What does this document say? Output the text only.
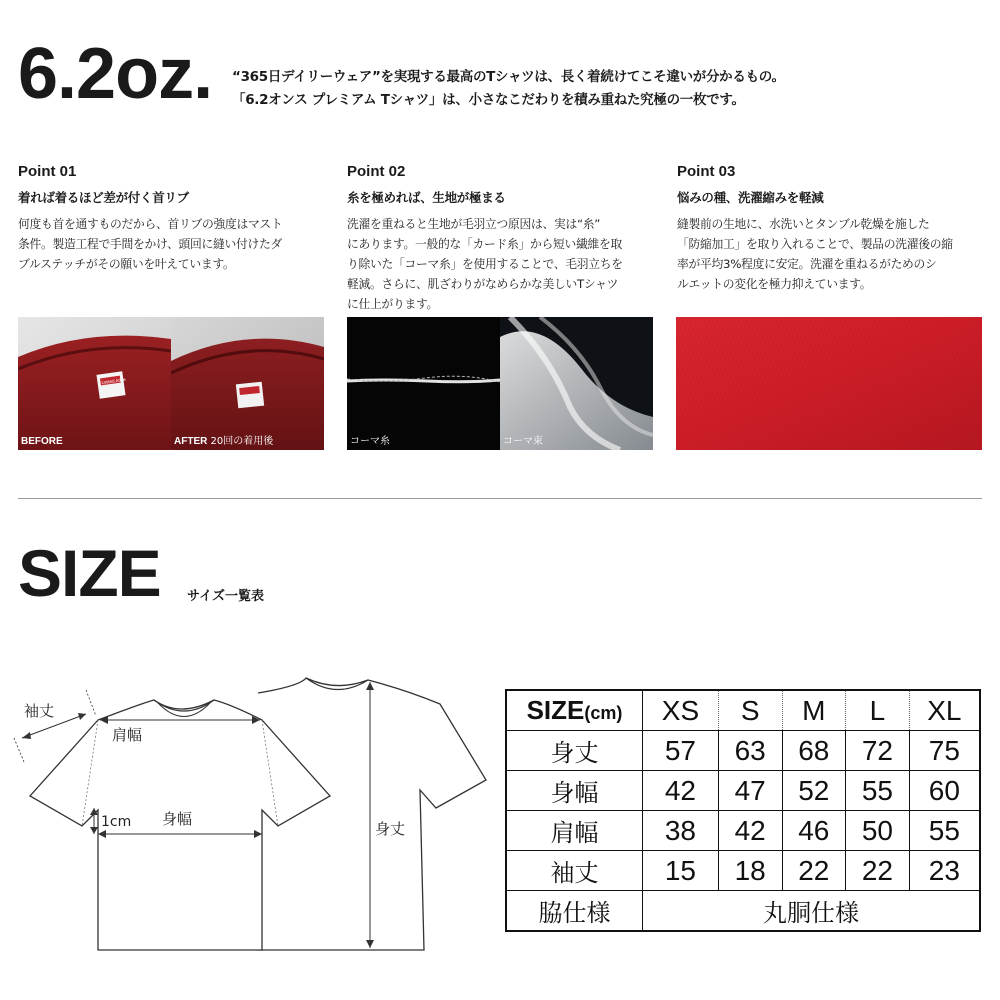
6.2oz. “365日デイリーウェア”を実現する最高のTシャツは、長く着続けてこそ違いが分かるもの。
「6.2オンス プレミアム Tシャツ」は、小さなこだわりを積み重ねた究極の一枚です。
Point 01
着れば着るほど差が付く首リブ
何度も首を通すものだから、首リブの強度はマスト
条件。製造工程で手間をかけ、頭回に縫い付けたダ
ブルステッチがその願いを叶えています。
Point 02
糸を極めれば、生地が極まる
洗濯を重ねると生地が毛羽立つ原因は、実は“糸”
にあります。一般的な「カード糸」から短い繊維を取
り除いた「コーマ糸」を使用することで、毛羽立ちを
軽減。さらに、肌ざわりがなめらかな美しいTシャツ
に仕上がります。
Point 03
悩みの種、洗濯縮みを軽減
縫製前の生地に、水洗いとタンブル乾燥を施した
「防縮加工」を取り入れることで、製品の洗濯後の縮
率が平均3%程度に安定。洗濯を重ねるがためのシ
ルエットの変化を極力抑えています。
United Athle
BEFORE	AFTER 20回の着用後	コーマ糸	コーマ束
SIZE サイズ一覧表
袖丈
肩幅
身幅
1cm	身丈
SIZE(cm)	XS	S	M	L	XL
身丈	57	63	68	72	75
身幅	42	47	52	55	60
肩幅	38	42	46	50	55
袖丈	15	18	22	22	23
脇仕様	丸胴仕様				
